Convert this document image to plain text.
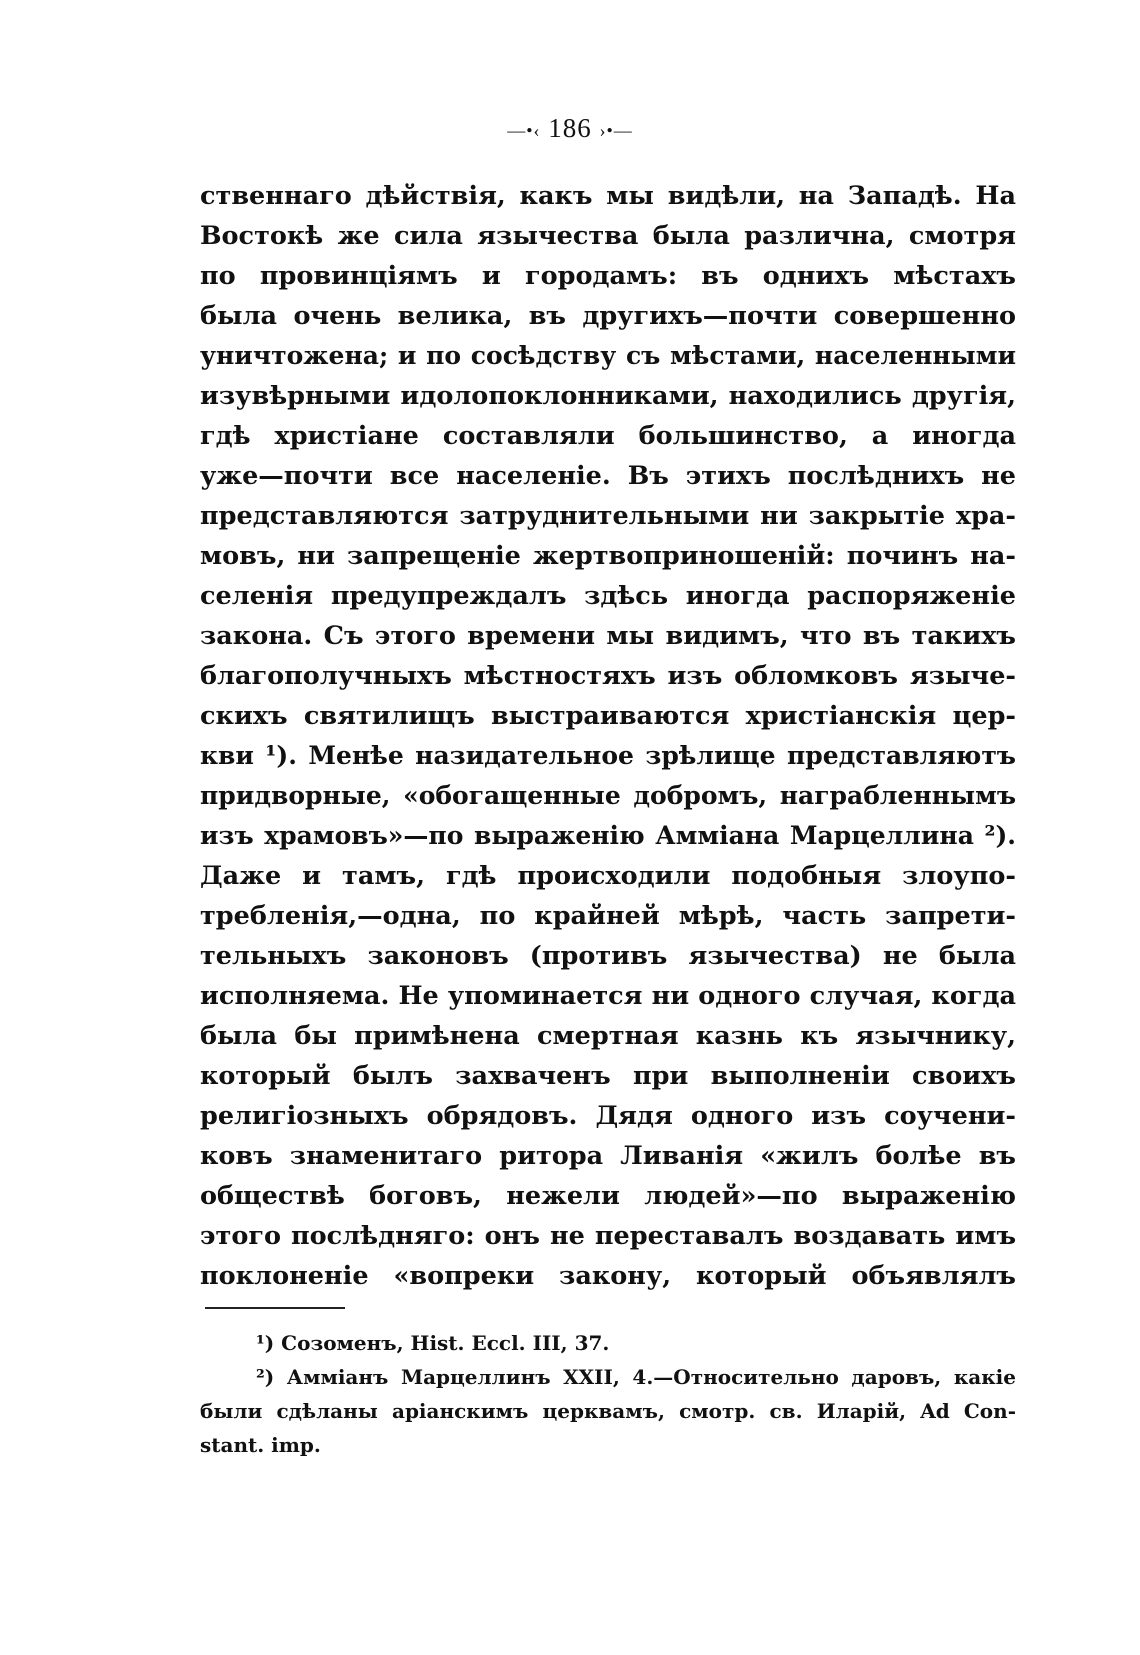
—•‹ 186 ›•—
ственнаго дѣйствія, какъ мы видѣли, на Западѣ. На
Востокѣ же сила язычества была различна, смотря
по провинціямъ и городамъ: въ однихъ мѣстахъ
была очень велика, въ другихъ—почти совершенно
уничтожена; и по сосѣдству съ мѣстами, населенными
изувѣрными идолопоклонниками, находились другія,
гдѣ христіане составляли большинство, а иногда
уже—почти все населеніе. Въ этихъ послѣднихъ не
представляются затруднительными ни закрытіе хра-
мовъ, ни запрещеніе жертвоприношеній: починъ на-
селенія предупреждалъ здѣсь иногда распоряженіе
закона. Съ этого времени мы видимъ, что въ такихъ
благополучныхъ мѣстностяхъ изъ обломковъ языче-
скихъ святилищъ выстраиваются христіанскія цер-
кви ¹). Менѣе назидательное зрѣлище представляютъ
придворные, «обогащенные добромъ, награбленнымъ
изъ храмовъ»—по выраженію Амміана Марцеллина ²).
Даже и тамъ, гдѣ происходили подобныя злоупо-
требленія,—одна, по крайней мѣрѣ, часть запрети-
тельныхъ законовъ (противъ язычества) не была
исполняема. Не упоминается ни одного случая, когда
была бы примѣнена смертная казнь къ язычнику,
который былъ захваченъ при выполненіи своихъ
религіозныхъ обрядовъ. Дядя одного изъ соучени-
ковъ знаменитаго ритора Ливанія «жилъ болѣе въ
обществѣ боговъ, нежели людей»—по выраженію
этого послѣдняго: онъ не переставалъ воздавать имъ
поклоненіе «вопреки закону, который объявлялъ
¹) Созоменъ, Hist. Eccl. III, 37.
²) Амміанъ Марцеллинъ XXII, 4.—Относительно даровъ, какіе
были сдѣланы аріанскимъ церквамъ, смотр. св. Иларій, Ad Con-
stant. imp.
